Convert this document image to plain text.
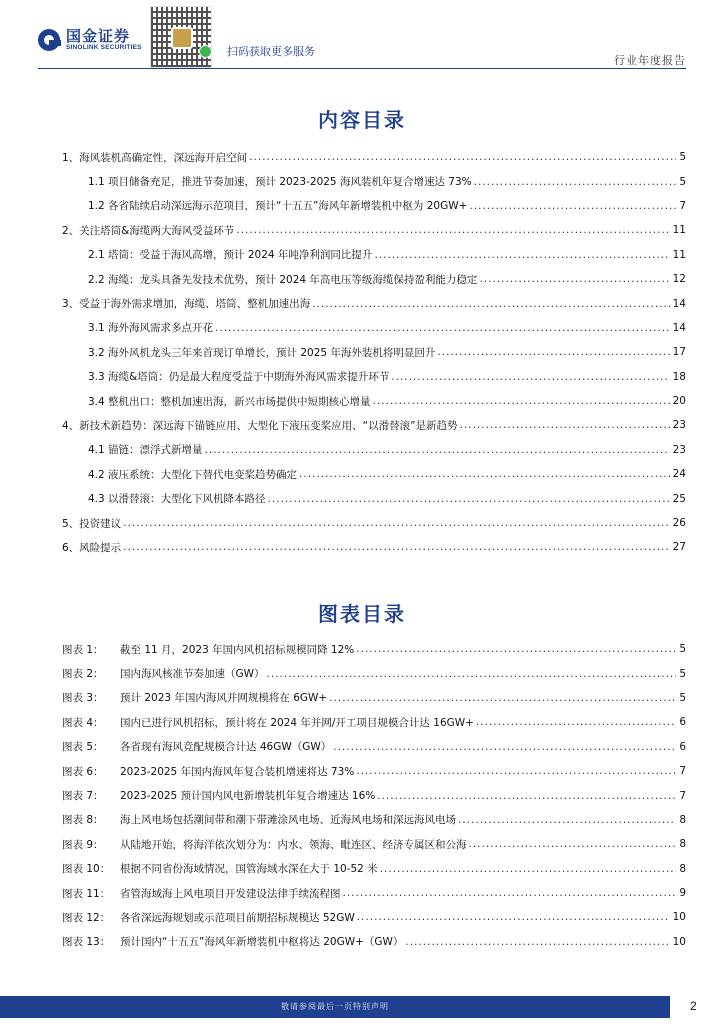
国金证券
SINOLINK SECURITIES	扫码获取更多服务
行业年度报告
内容目录
1、海风装机高确定性，深远海开启空间 .....	5
1.1 项目储备充足，推进节奏加速，预计 2023-2025 海风装机年复合增速达 73% .....	5
1.2 各省陆续启动深远海示范项目，预计“十五五”海风年新增装机中枢为 20GW+ .....	7
2、关注塔筒&海缆两大海风受益环节 .....	11
2.1 塔筒：受益于海风高增，预计 2024 年吨净利润同比提升 .....	11
2.2 海缆：龙头具备先发技术优势，预计 2024 年高电压等级海缆保持盈利能力稳定 .....	12
3、受益于海外需求增加，海缆、塔筒、整机加速出海 .....	14
3.1 海外海风需求多点开花 .....	14
3.2 海外风机龙头三年来首现订单增长，预计 2025 年海外装机将明显回升 .....	17
3.3 海缆&塔筒：仍是最大程度受益于中期海外海风需求提升环节 .....	18
3.4 整机出口：整机加速出海，新兴市场提供中短期核心增量 .....	20
4、新技术新趋势：深远海下锚链应用、大型化下液压变桨应用、“以滑替滚”是新趋势 .....	23
4.1 锚链：漂浮式新增量 .....	23
4.2 液压系统：大型化下替代电变桨趋势确定 .....	24
4.3 以滑替滚：大型化下风机降本路径 .....	25
5、投资建议 .....	26
6、风险提示 .....	27
图表目录
图表 1：	截至 11 月，2023 年国内风机招标规模同降 12% .....	5
图表 2：	国内海风核准节奏加速（GW） .....	5
图表 3：	预计 2023 年国内海风并网规模将在 6GW+ .....	5
图表 4：	国内已进行风机招标，预计将在 2024 年并网/开工项目规模合计达 16GW+ .....	6
图表 5：	各省现有海风竞配规模合计达 46GW（GW） .....	6
图表 6：	2023-2025 年国内海风年复合装机增速将达 73% .....	7
图表 7：	2023-2025 预计国内风电新增装机年复合增速达 16% .....	7
图表 8：	海上风电场包括潮间带和潮下带滩涂风电场、近海风电场和深远海风电场 .....	8
图表 9：	从陆地开始，将海洋依次划分为：内水、领海、毗连区、经济专属区和公海 .....	8
图表 10： 根据不同省份海域情况，国管海域水深在大于 10-52 米 .....	8
图表 11： 省管海域海上风电项目开发建设法律手续流程图 .....	9
图表 12： 各省深远海规划或示范项目前期招标规模达 52GW .....	10
图表 13： 预计国内“十五五”海风年新增装机中枢将达 20GW+（GW） .....	10
敬请参阅最后一页特别声明	2
